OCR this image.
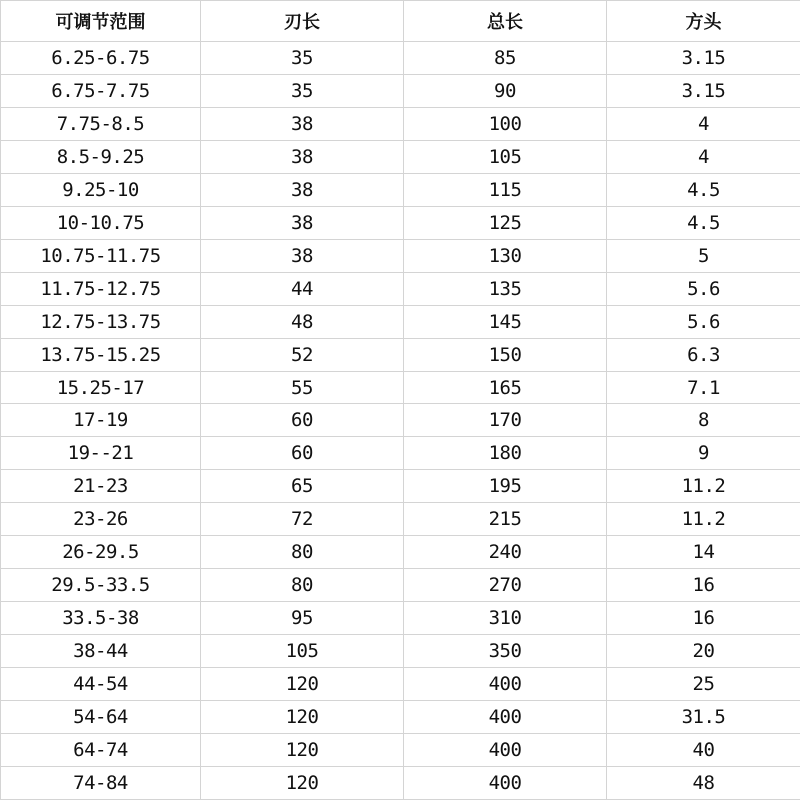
可调节范围	刃长	总长	方头
6.25-6.75	35	85	3.15
6.75-7.75	35	90	3.15
7.75-8.5	38	100	4
8.5-9.25	38	105	4
9.25-10	38	115	4.5
10-10.75	38	125	4.5
10.75-11.75	38	130	5
11.75-12.75	44	135	5.6
12.75-13.75	48	145	5.6
13.75-15.25	52	150	6.3
15.25-17	55	165	7.1
17-19	60	170	8
19--21	60	180	9
21-23	65	195	11.2
23-26	72	215	11.2
26-29.5	80	240	14
29.5-33.5	80	270	16
33.5-38	95	310	16
38-44	105	350	20
44-54	120	400	25
54-64	120	400	31.5
64-74	120	400	40
74-84	120	400	48
